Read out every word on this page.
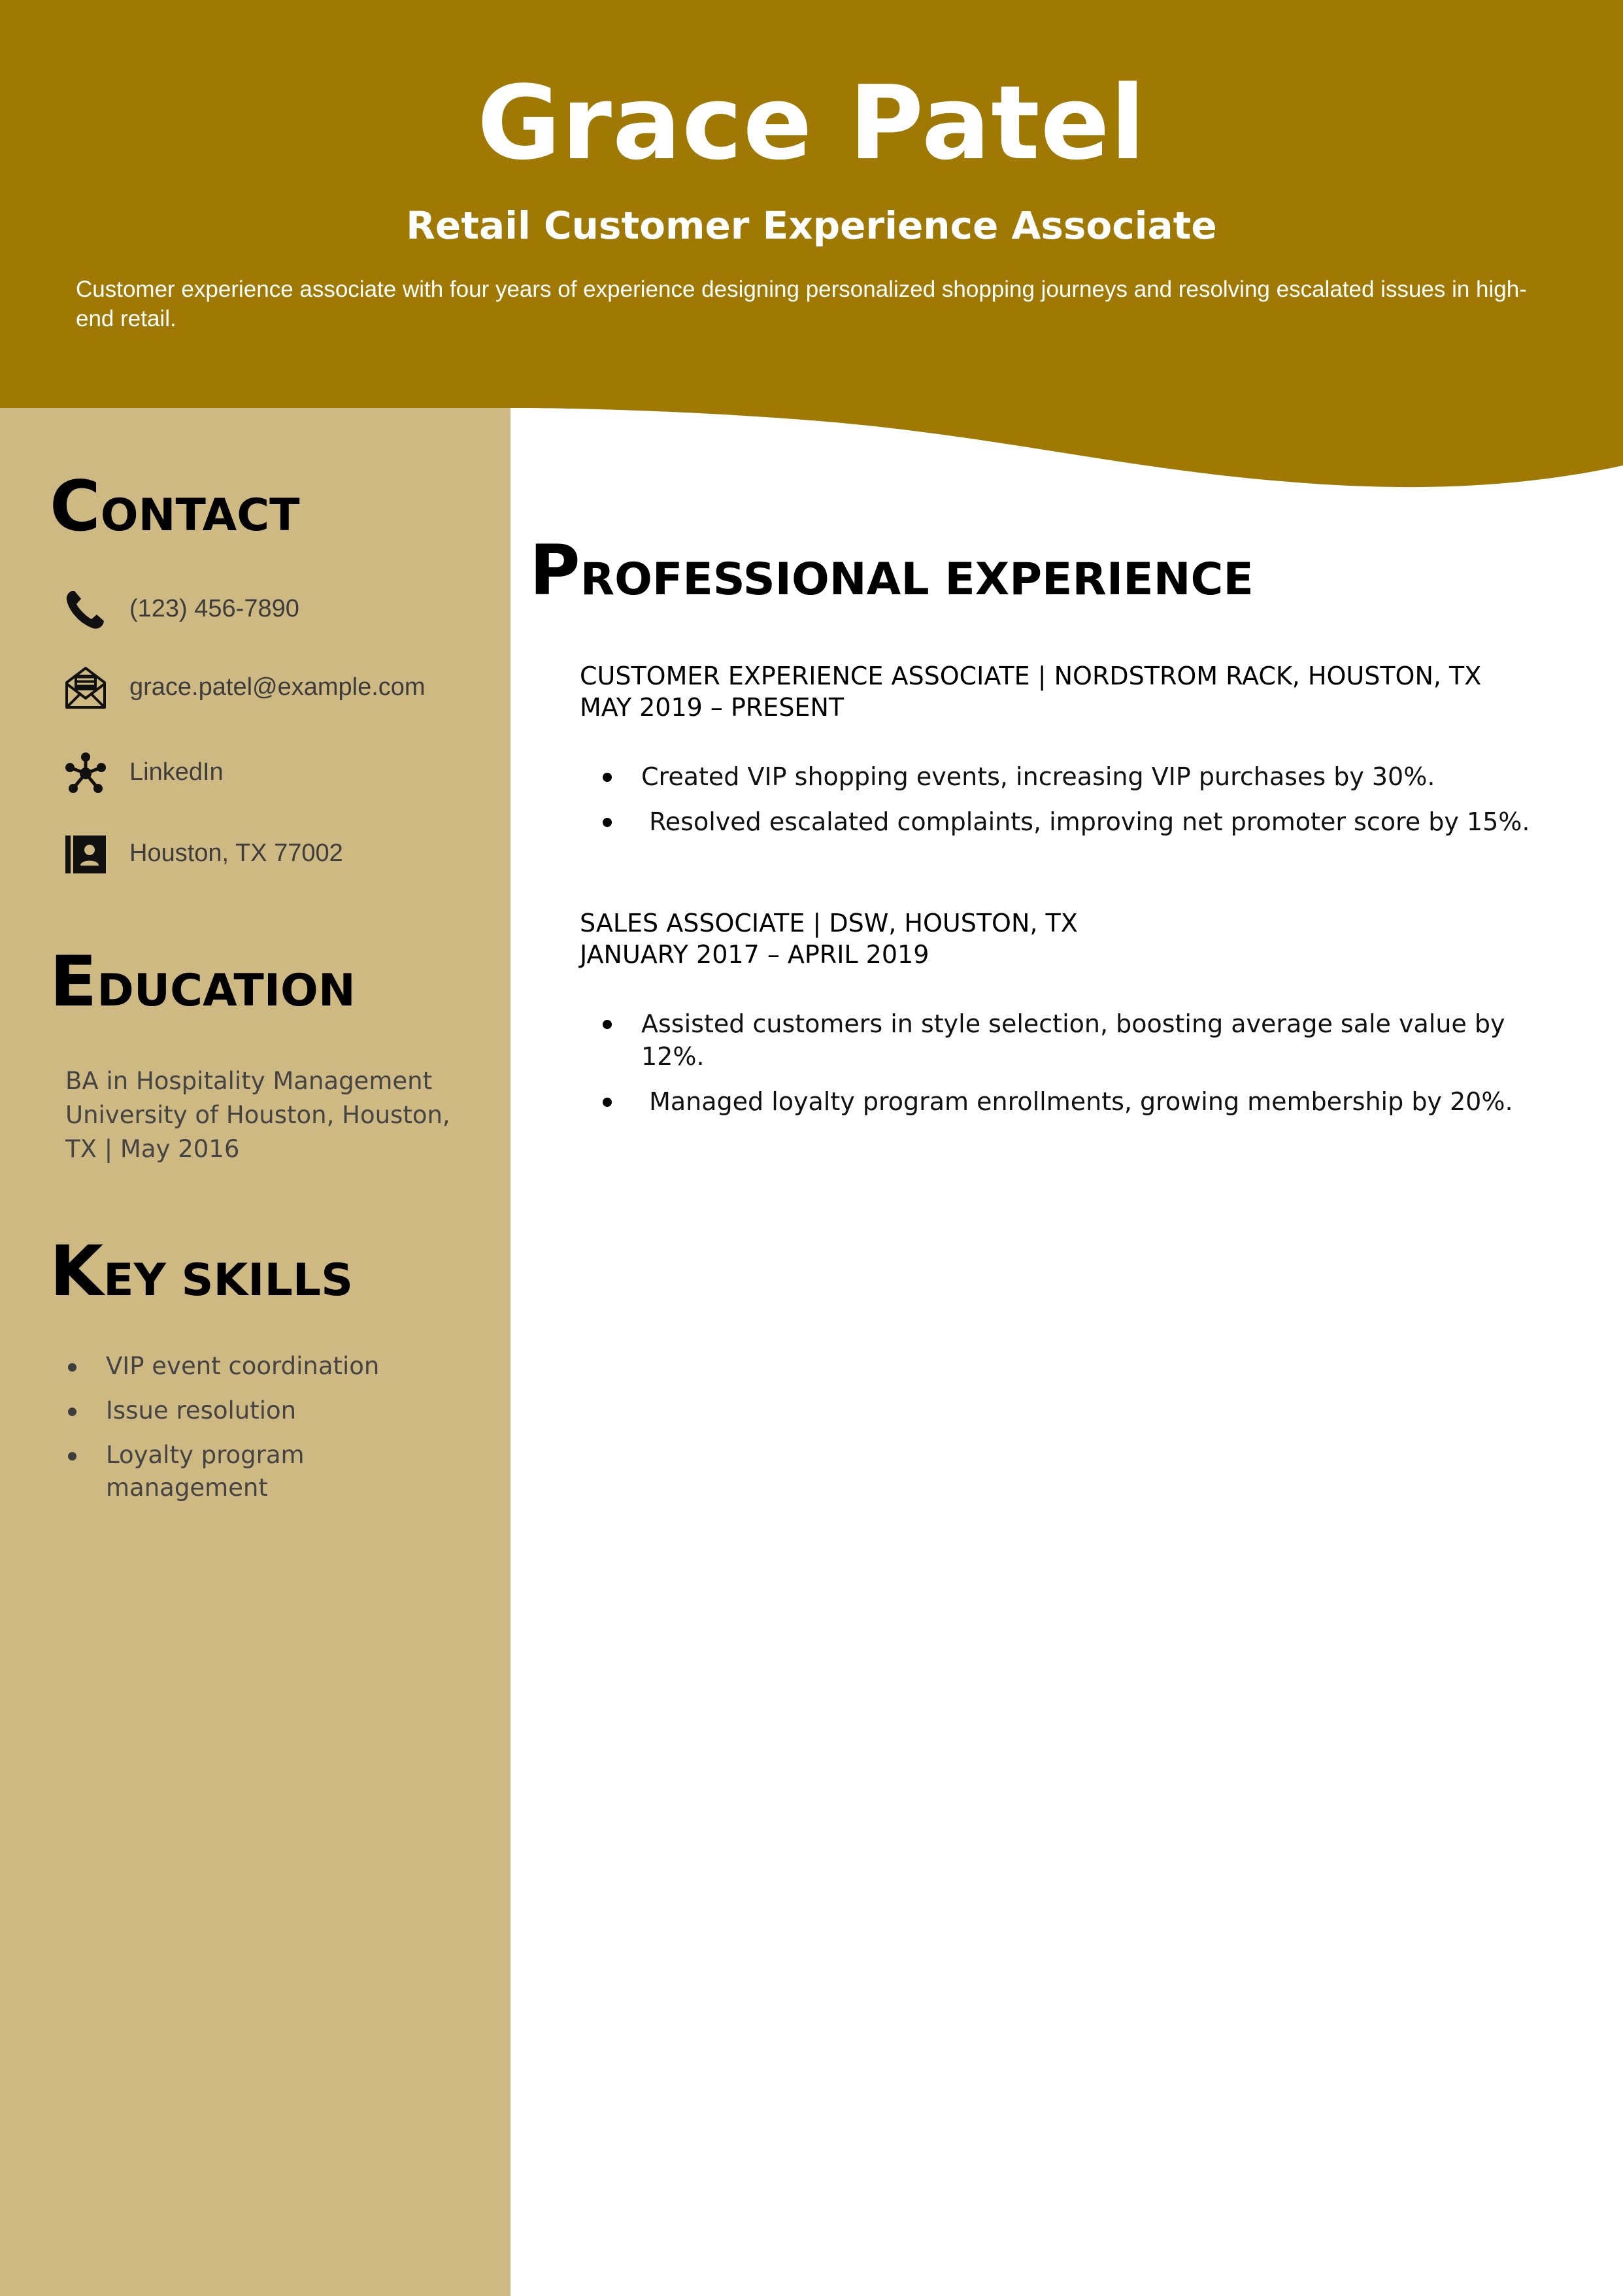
Grace Patel
Retail Customer Experience Associate
Customer experience associate with four years of experience designing personalized shopping journeys and resolving escalated issues in high-end retail.
CONTACT
(123) 456-7890
grace.patel@example.com
LinkedIn
Houston, TX 77002
EDUCATION
BA in Hospitality Management University of Houston, Houston, TX | May 2016
KEY SKILLS
VIP event coordination
Issue resolution
Loyalty program management
PROFESSIONAL EXPERIENCE
CUSTOMER EXPERIENCE ASSOCIATE | NORDSTROM RACK, HOUSTON, TX
MAY 2019 – PRESENT
Created VIP shopping events, increasing VIP purchases by 30%.
Resolved escalated complaints, improving net promoter score by 15%.
SALES ASSOCIATE | DSW, HOUSTON, TX
JANUARY 2017 – APRIL 2019
Assisted customers in style selection, boosting average sale value by 12%.
Managed loyalty program enrollments, growing membership by 20%.
